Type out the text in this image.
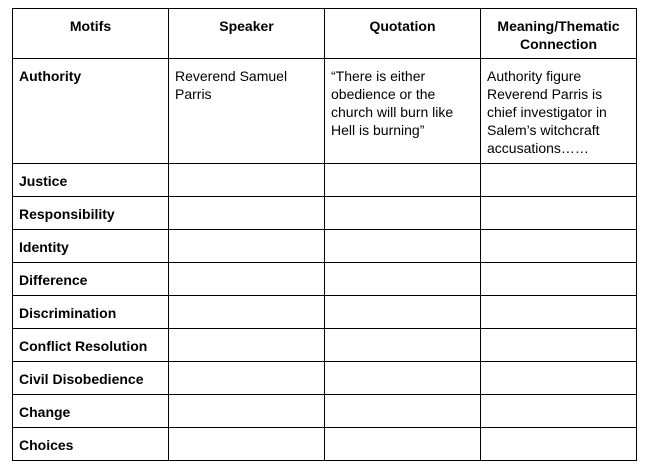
Motifs	Speaker	Quotation	Meaning/Thematic Connection

Authority	Reverend Samuel Parris	“There is either obedience or the church will burn like Hell is burning”	Authority figure Reverend Parris is chief investigator in Salem’s witchcraft accusations……
Justice			
Responsibility			
Identity			
Difference			
Discrimination			
Conflict Resolution			
Civil Disobedience			
Change			
Choices			
